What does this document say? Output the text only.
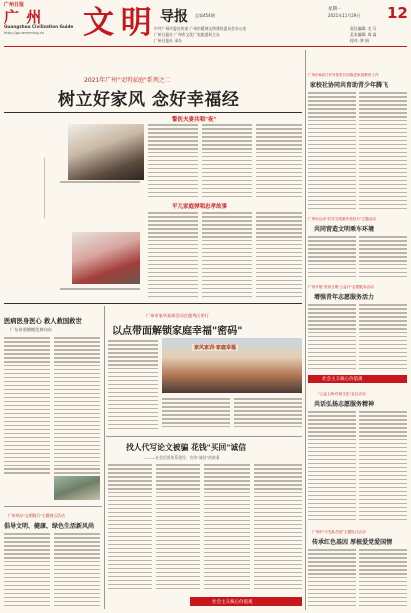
广州日报
广 州 文 明 导报 总第454期
Guangzhou Civilization Guide
http://gz.wenming.cn
星期一
2021年11月29日 12
中共广州市委宣传部 广州市精神文明建设委员会办公室
广州日报社 广州市文化广电旅游局主办
广州日报社 承办
责任编辑: 毛 芬
美术编辑: 周 嵩
校对: 钟 娟
2021年广州"文明家庭"系列之二
树立好家风 念好幸福经
警医夫妻共唱"夜"
平儿家庭弹唱忠孝故事
广州市6部门对外发布共同推进家庭教育工作
家校社协同共育助青少年腾飞
广州市启动"共享文明乘车美好行"主题活动
共同营造文明乘车环境
广州开展"美育文明·公益行"志愿服务活动
增强青年志愿服务活力
社会主义核心价值观
"公益上海·传统文化"社区活动
共话弘扬志愿服务精神
广州市"少先队员说"主题队日活动
传承红色基因 厚植爱党爱国情
医病医身医心 救人救国救世
广东省道德模范黄向东
广州举办"文明践行"主题展示活动
倡导文明、健康、绿色生活新风尚
广州市家风家训活动在越秀区举行
以点带面解锁家庭幸福"密码"
家风家训·家庭幸福
找人代写论文被骗 花钱"买回"诚信
———社会信用体系建设：宣传"诚信"的故事
社会主义核心价值观
